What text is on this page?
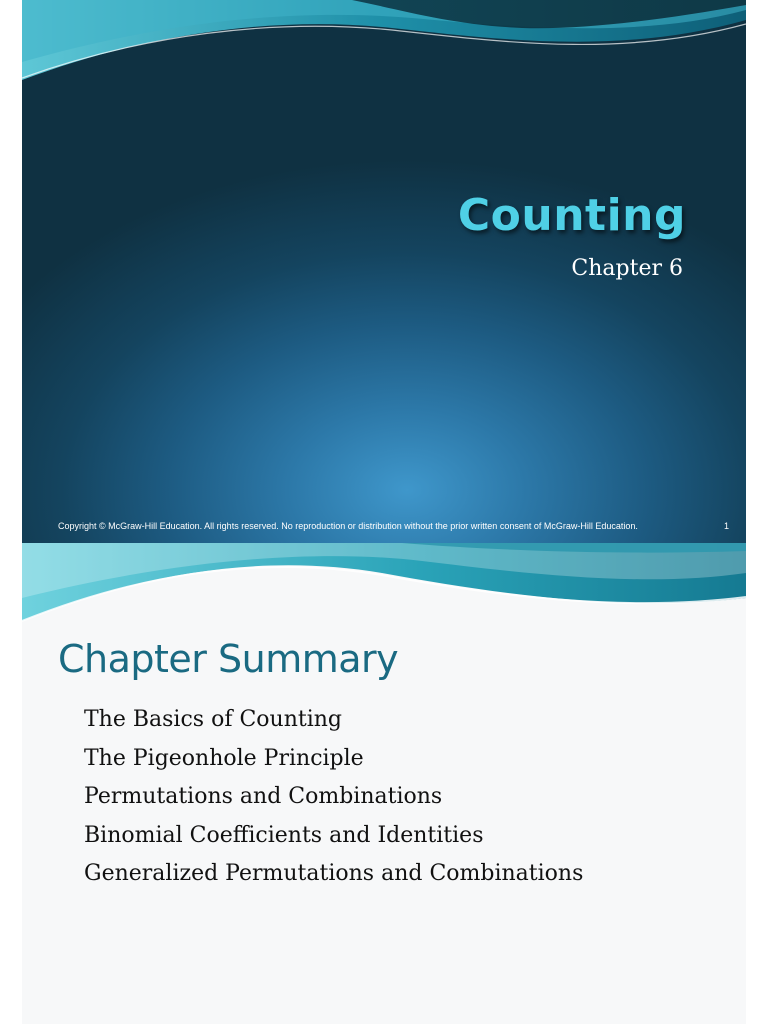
Counting

Chapter 6

Copyright © McGraw-Hill Education. All rights reserved. No reproduction or distribution without the prior written consent of McGraw-Hill Education.	1
Chapter Summary
The Basics of Counting
The Pigeonhole Principle
Permutations and Combinations
Binomial Coefficients and Identities
Generalized Permutations and Combinations
